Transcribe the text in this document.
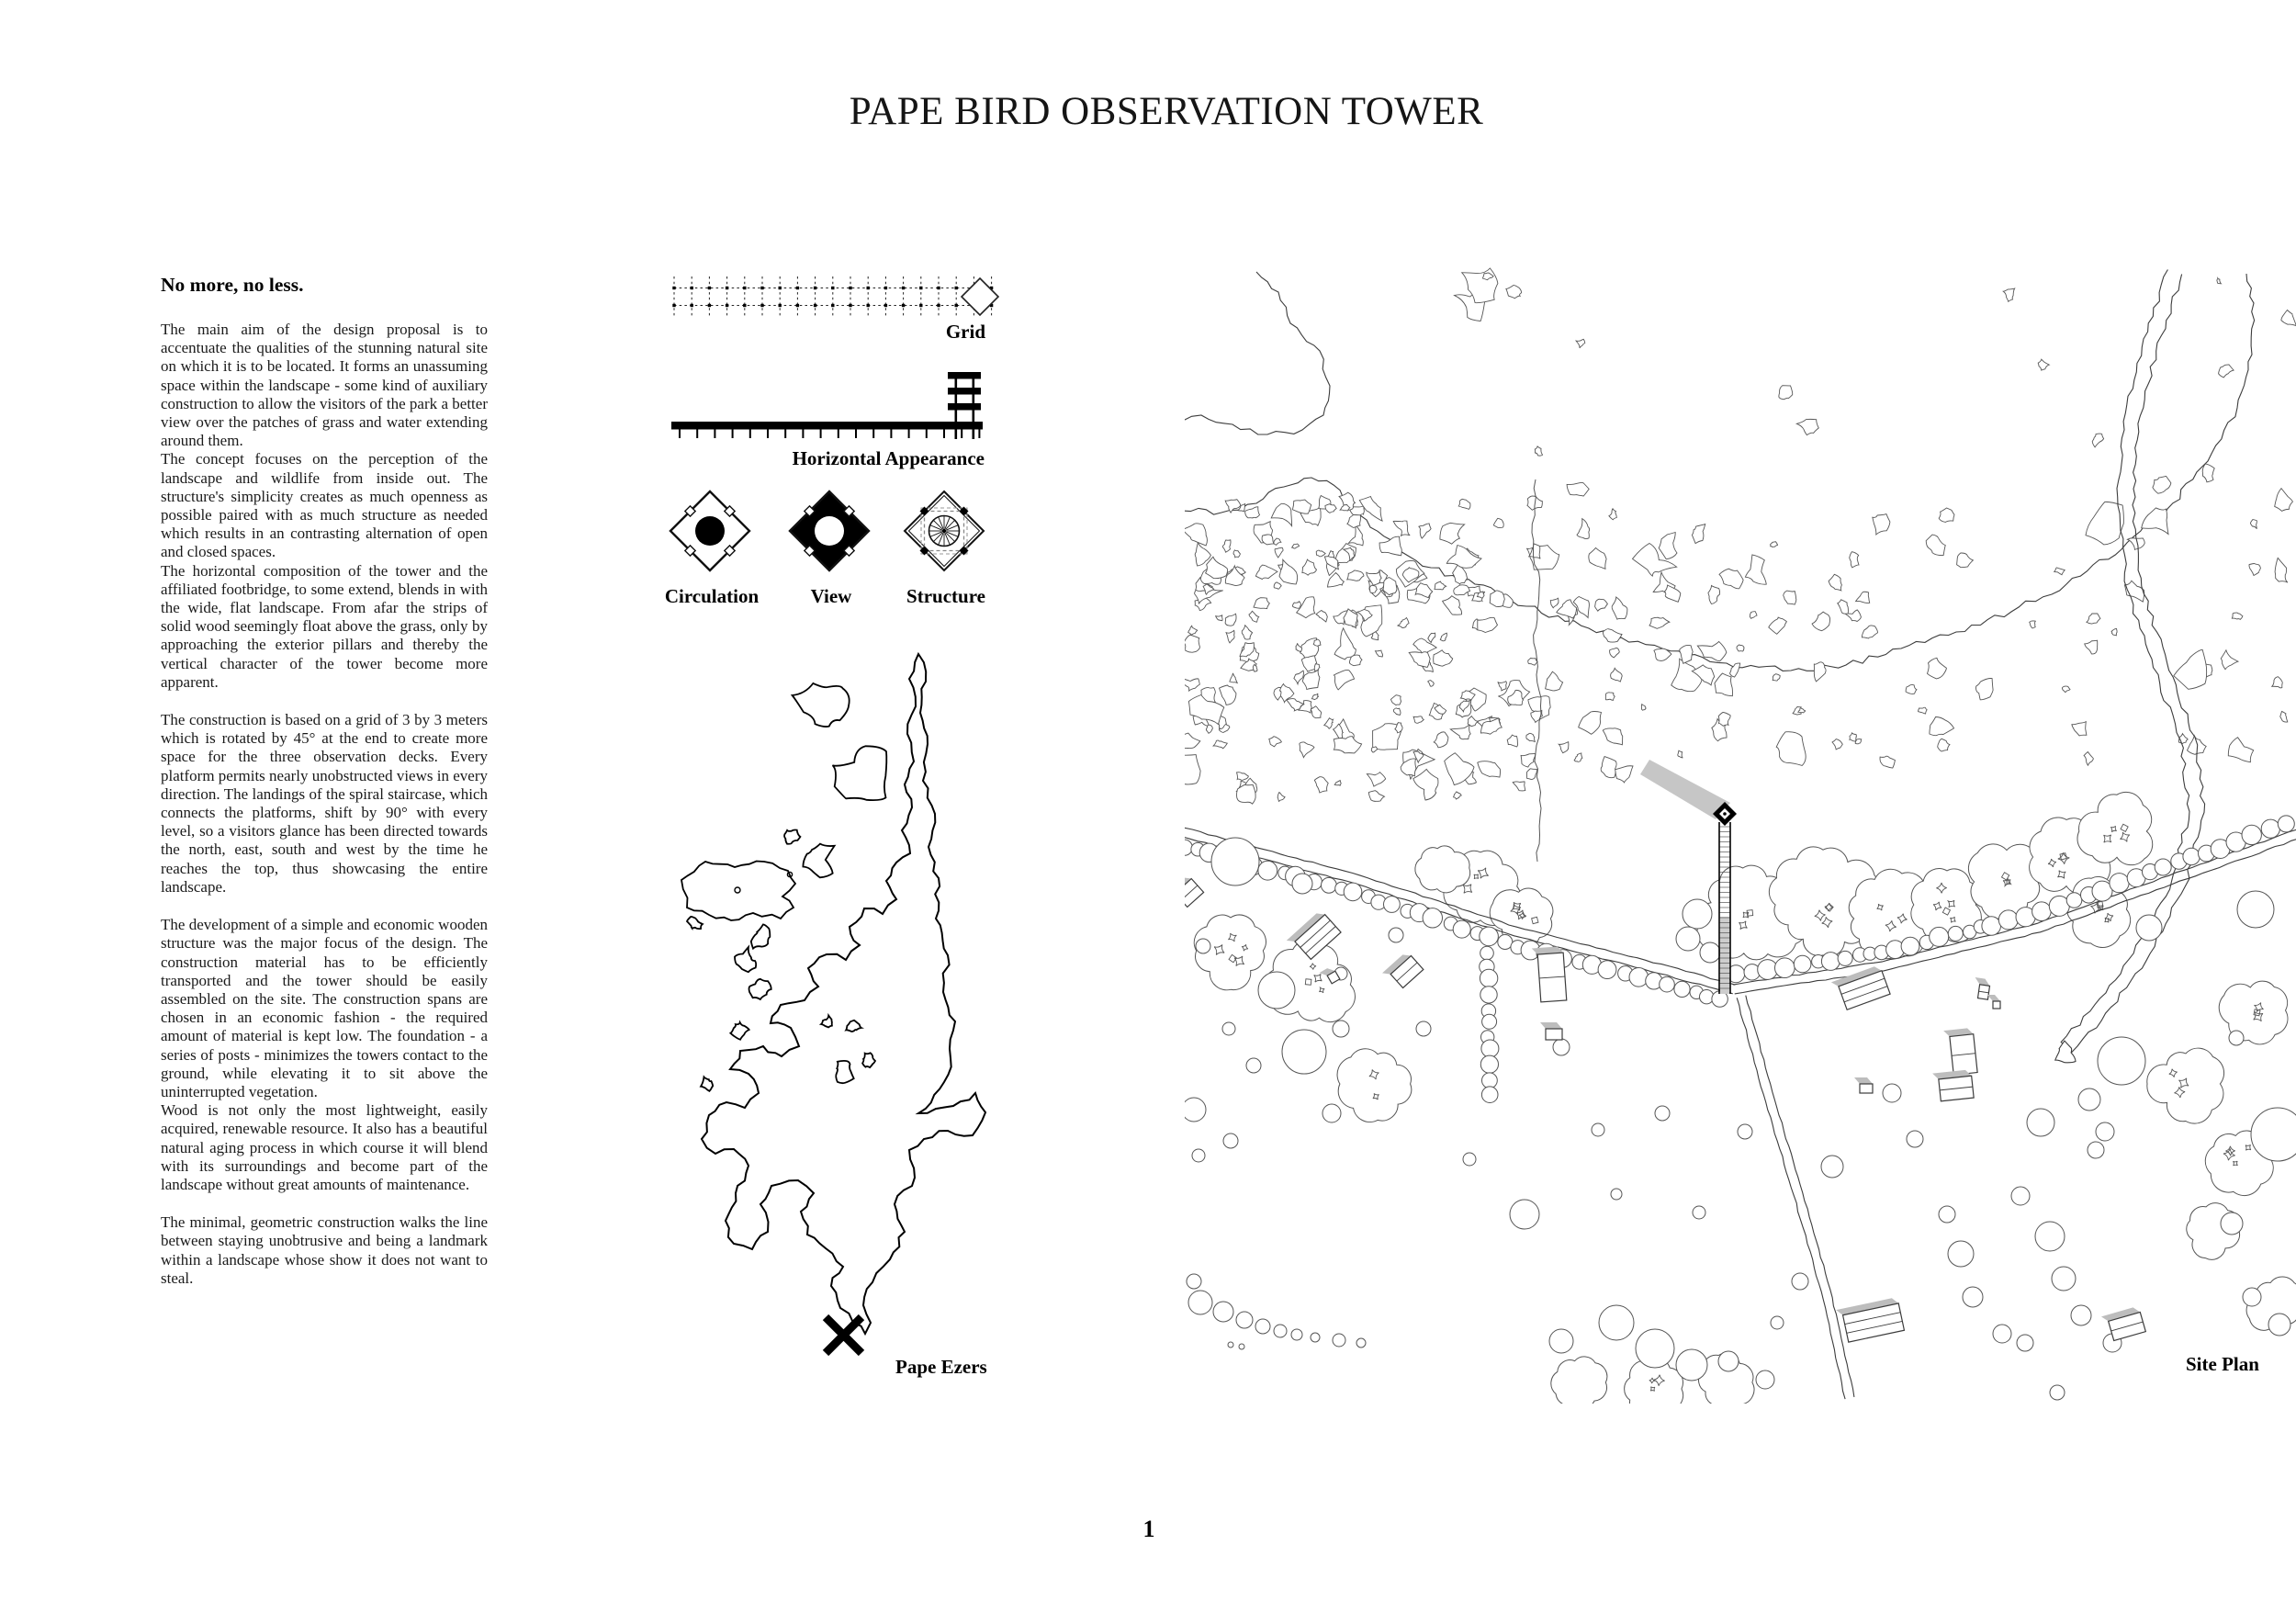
PAPE BIRD OBSERVATION TOWER
No more, no less.

The main aim of the design proposal is to accentuate the qualities of the stunning natural site on which it is to be located. It forms an unassuming space within the landscape - some kind of auxiliary construction to allow the visitors of the park a better view over the patches of grass and water extending around them.

The concept focuses on the perception of the landscape and wildlife from inside out. The structure's simplicity creates as much openness as possible paired with as much structure as needed which results in an contrasting alternation of open and closed spaces.

The horizontal composition of the tower and the affiliated footbridge, to some extend, blends in with the wide, flat landscape. From afar the strips of solid wood seemingly float above the grass, only by approaching the exterior pillars and thereby the vertical character of the tower become more apparent.

The construction is based on a grid of 3 by 3 meters which is rotated by 45° at the end to create more space for the three observation decks. Every platform permits nearly unobstructed views in every direction. The landings of the spiral staircase, which connects the platforms, shift by 90° with every level, so a visitors glance has been directed towards the north, east, south and west by the time he reaches the top, thus showcasing the entire landscape.

The development of a simple and economic wooden structure was the major focus of the design. The construction material has to be efficiently transported and the tower should be easily assembled on the site. The construction spans are chosen in an economic fashion - the required amount of material is kept low. The foundation - a series of posts - minimizes the towers contact to the ground, while elevating it to sit above the uninterrupted vegetation.

Wood is not only the most lightweight, easily acquired, renewable resource. It also has a beautiful natural aging process in which course it will blend with its surroundings and become part of the landscape without great amounts of maintenance.

The minimal, geometric construction walks the line between staying unobtrusive and being a landmark within a landscape whose show it does not want to steal.

Grid
Horizontal Appearance
Circulation	View	Structure
Pape Ezers	Site Plan
1
